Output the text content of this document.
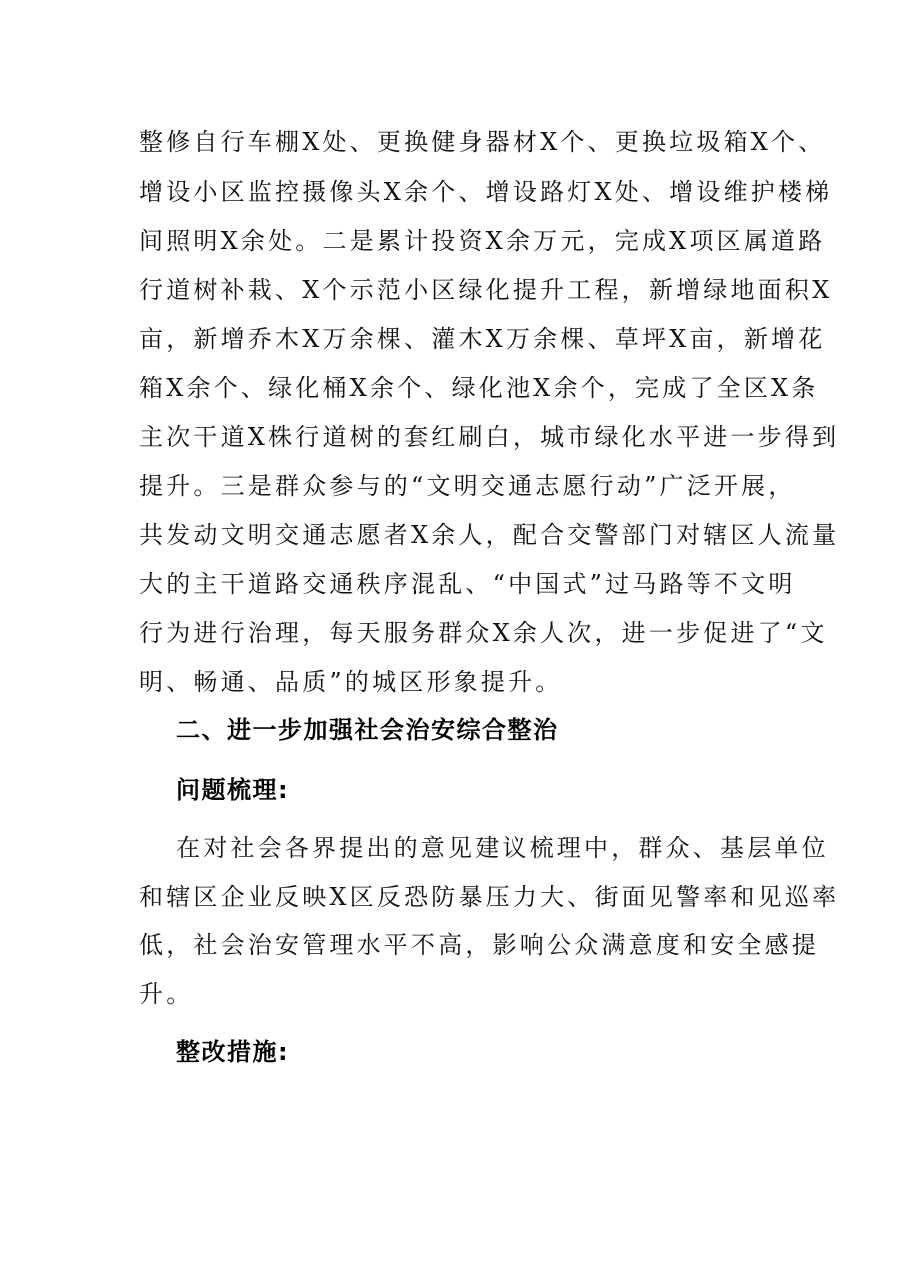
整修自行车棚X处、更换健身器材X个、更换垃圾箱X个、
增设小区监控摄像头X余个、增设路灯X处、增设维护楼梯
间照明X余处。二是累计投资X余万元，完成X项区属道路
行道树补栽、X个示范小区绿化提升工程，新增绿地面积X
亩，新增乔木X万余棵、灌木X万余棵、草坪X亩，新增花
箱X余个、绿化桶X余个、绿化池X余个，完成了全区X条
主次干道X株行道树的套红刷白，城市绿化水平进一步得到
提升。三是群众参与的“文明交通志愿行动”广泛开展，
共发动文明交通志愿者X余人，配合交警部门对辖区人流量
大的主干道路交通秩序混乱、“中国式”过马路等不文明
行为进行治理，每天服务群众X余人次，进一步促进了“文
明、畅通、品质”的城区形象提升。
二、进一步加强社会治安综合整治
问题梳理:
在对社会各界提出的意见建议梳理中，群众、基层单位
和辖区企业反映X区反恐防暴压力大、街面见警率和见巡率
低，社会治安管理水平不高，影响公众满意度和安全感提
升。
整改措施:
